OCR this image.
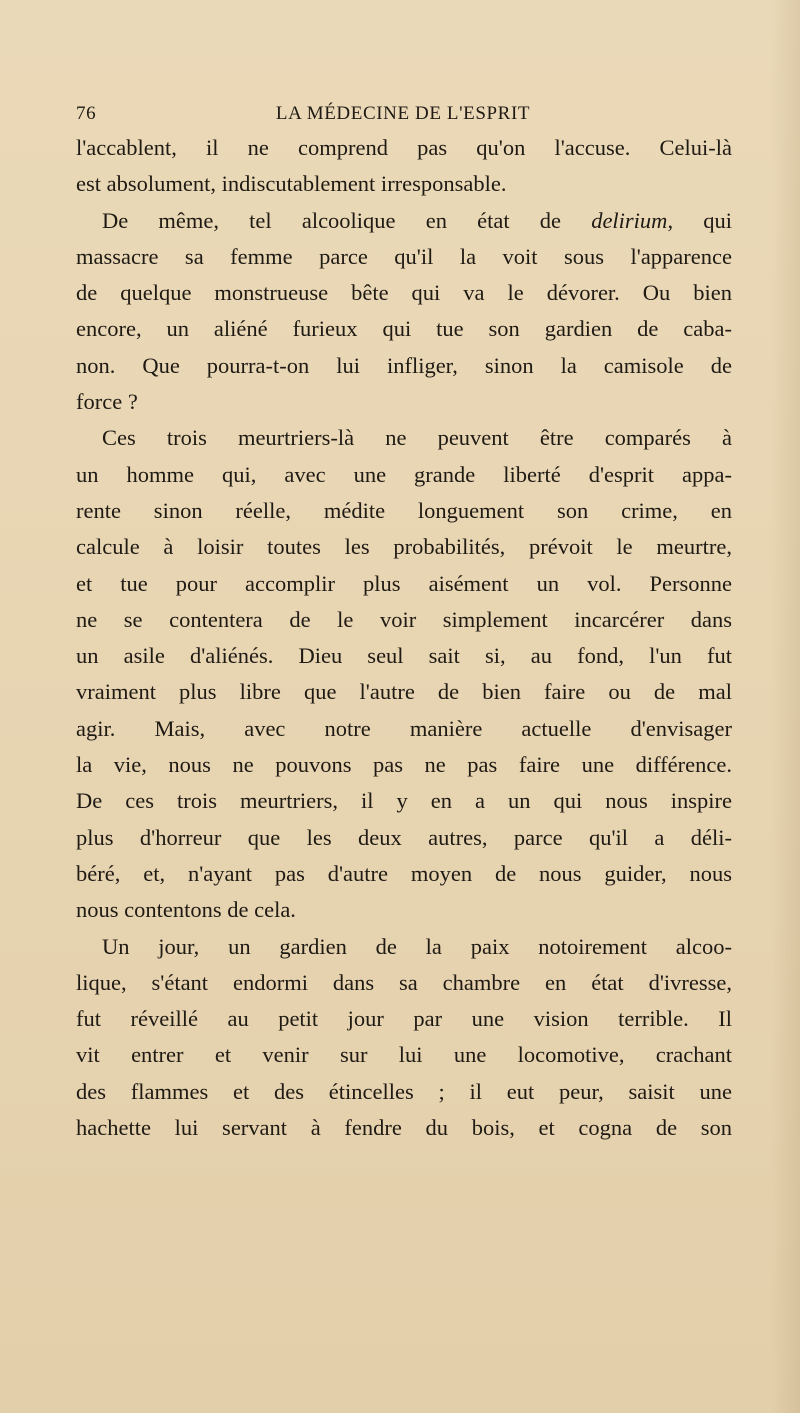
76	LA MÉDECINE DE L'ESPRIT
l'accablent, il ne comprend pas qu'on l'accuse. Celui-là
est absolument, indiscutablement irresponsable.
De même, tel alcoolique en état de delirium, qui
massacre sa femme parce qu'il la voit sous l'apparence
de quelque monstrueuse bête qui va le dévorer. Ou bien
encore, un aliéné furieux qui tue son gardien de caba-
non. Que pourra-t-on lui infliger, sinon la camisole de
force ?
Ces trois meurtriers-là ne peuvent être comparés à
un homme qui, avec une grande liberté d'esprit appa-
rente sinon réelle, médite longuement son crime, en
calcule à loisir toutes les probabilités, prévoit le meurtre,
et tue pour accomplir plus aisément un vol. Personne
ne se contentera de le voir simplement incarcérer dans
un asile d'aliénés. Dieu seul sait si, au fond, l'un fut
vraiment plus libre que l'autre de bien faire ou de mal
agir. Mais, avec notre manière actuelle d'envisager
la vie, nous ne pouvons pas ne pas faire une différence.
De ces trois meurtriers, il y en a un qui nous inspire
plus d'horreur que les deux autres, parce qu'il a déli-
béré, et, n'ayant pas d'autre moyen de nous guider, nous
nous contentons de cela.
Un jour, un gardien de la paix notoirement alcoo-
lique, s'étant endormi dans sa chambre en état d'ivresse,
fut réveillé au petit jour par une vision terrible. Il
vit entrer et venir sur lui une locomotive, crachant
des flammes et des étincelles ; il eut peur, saisit une
hachette lui servant à fendre du bois, et cogna de son
